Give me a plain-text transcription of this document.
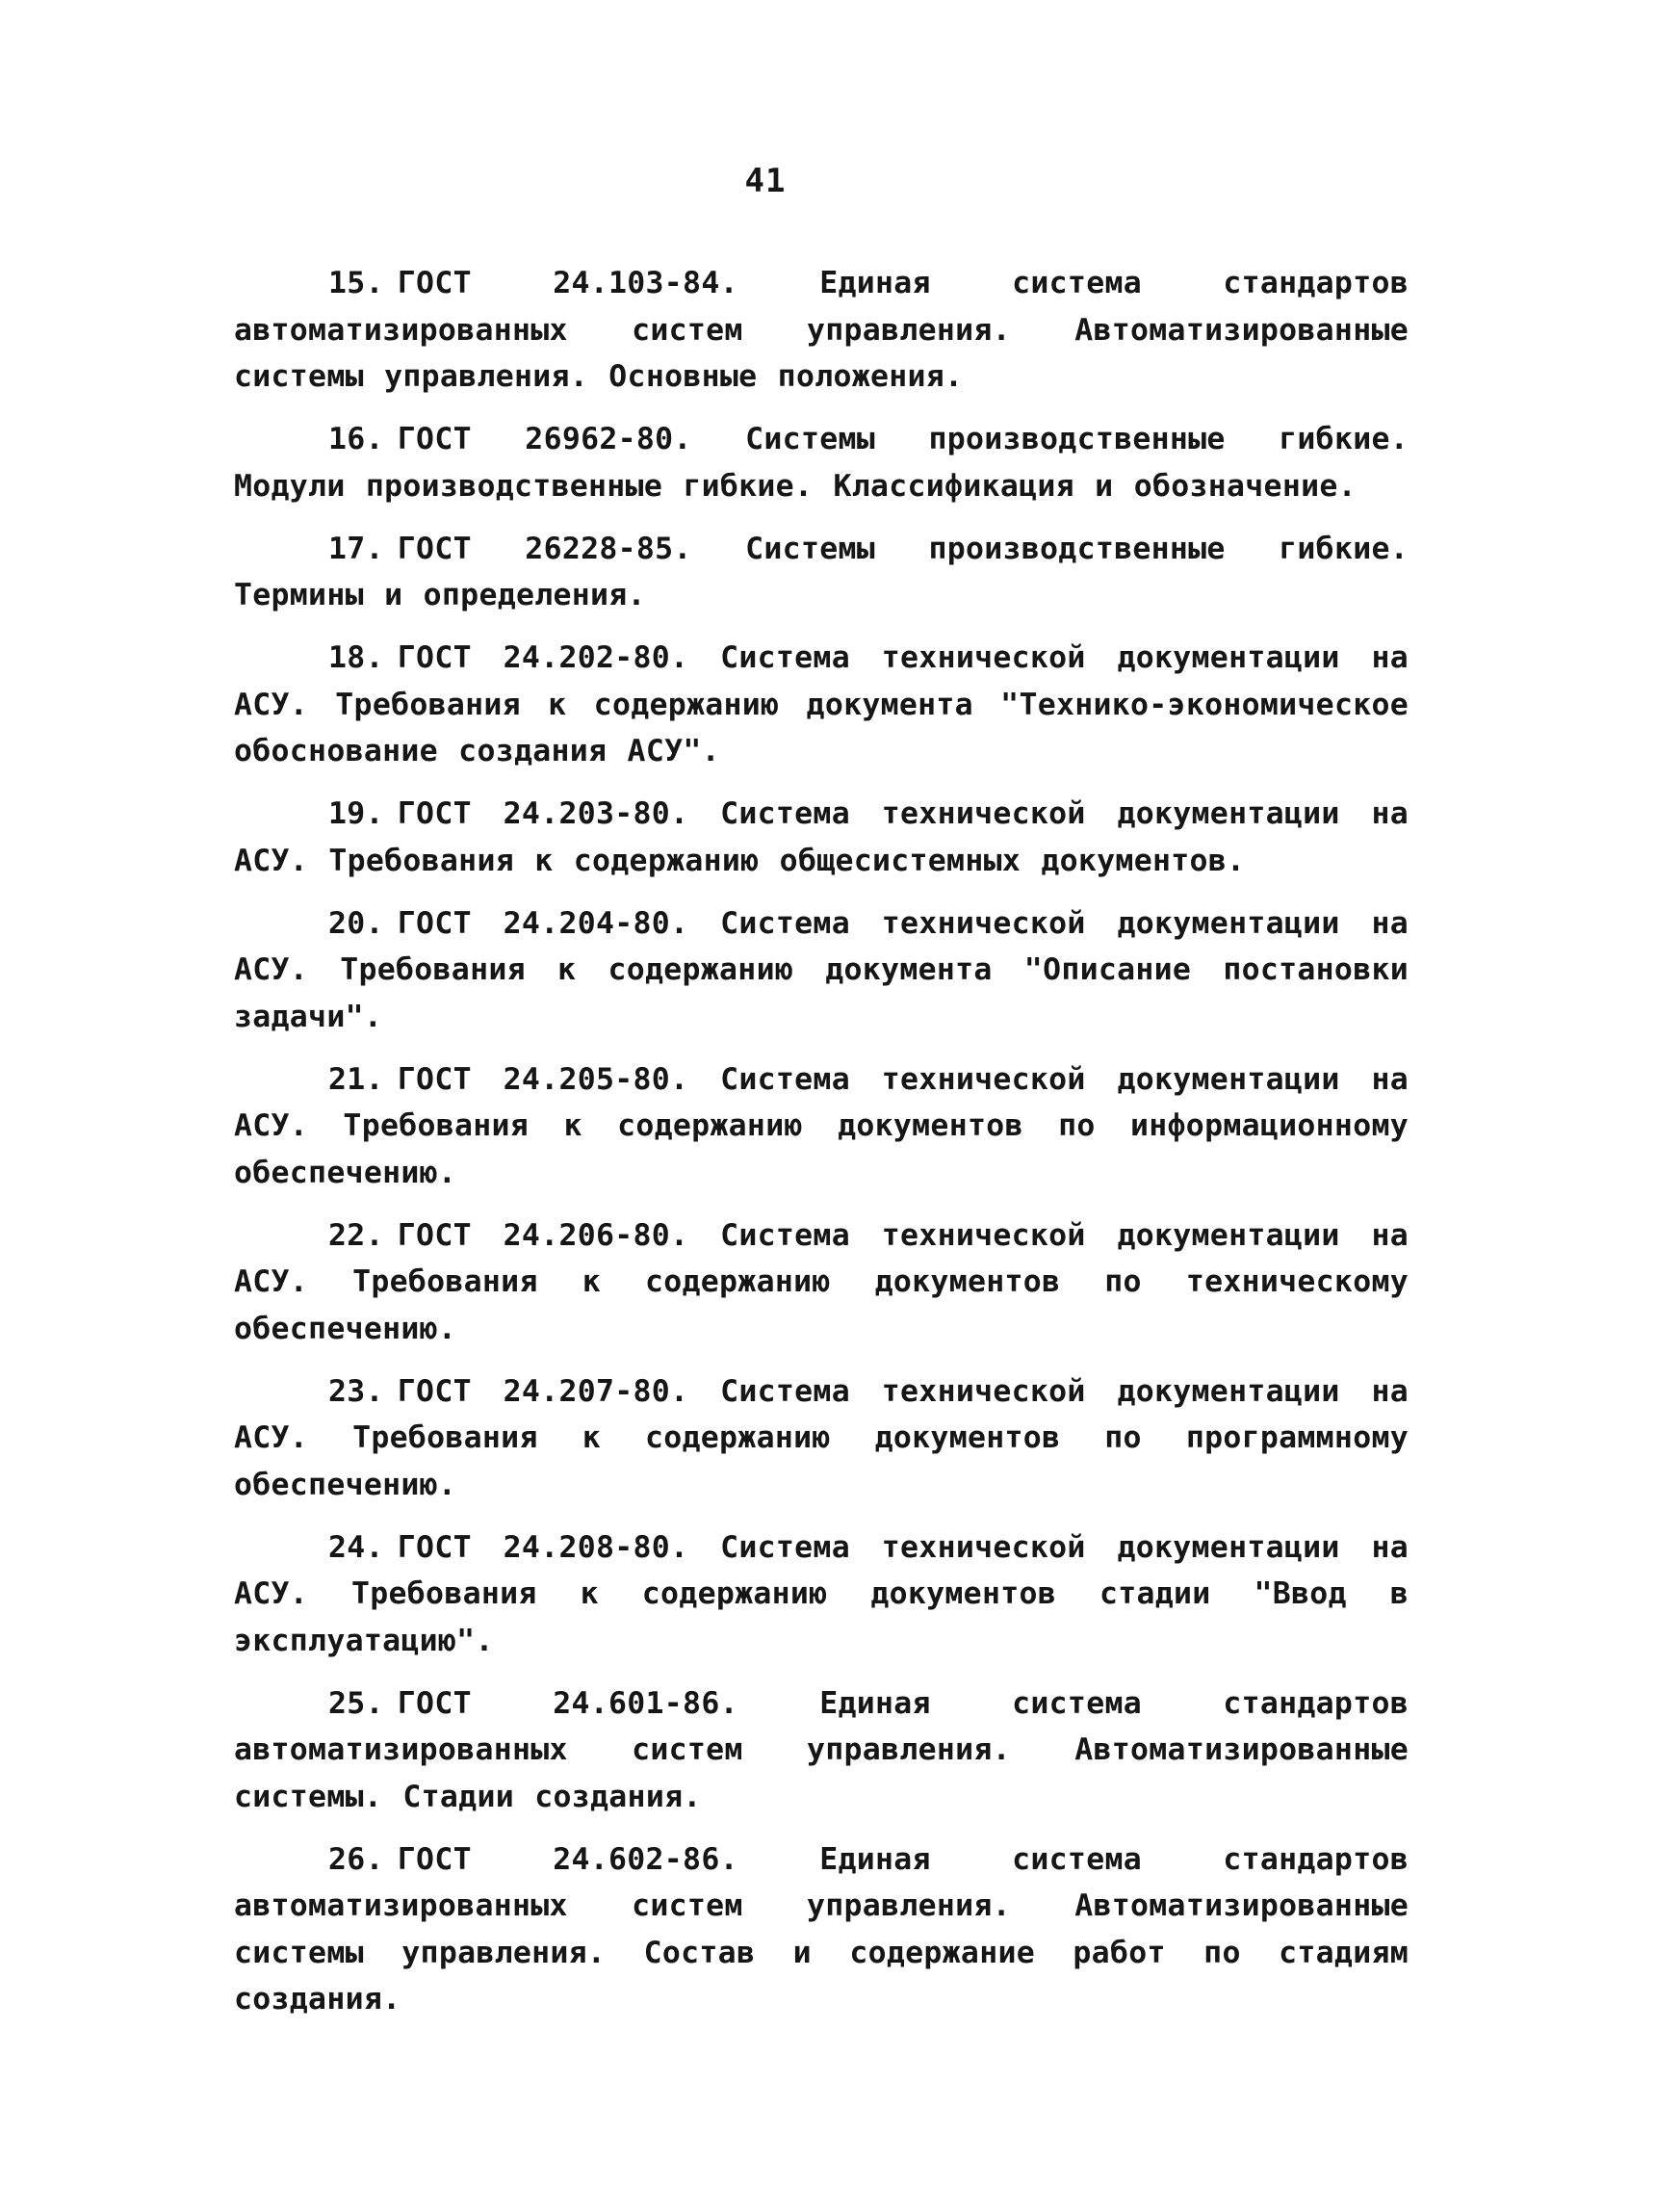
41

15. ГОСТ 24.103-84. Единая система стандартов автоматизированных систем управления. Автоматизированные системы управления. Основные положения.

16. ГОСТ 26962-80. Системы производственные гибкие. Модули производственные гибкие. Классификация и обозначение.

17. ГОСТ 26228-85. Системы производственные гибкие. Термины и определения.

18. ГОСТ 24.202-80. Система технической документации на АСУ. Требования к содержанию документа "Технико-экономическое обоснование создания АСУ".

19. ГОСТ 24.203-80. Система технической документации на АСУ. Требования к содержанию общесистемных документов.

20. ГОСТ 24.204-80. Система технической документации на АСУ. Требования к содержанию документа "Описание постановки задачи".

21. ГОСТ 24.205-80. Система технической документации на АСУ. Требования к содержанию документов по информационному обеспечению.

22. ГОСТ 24.206-80. Система технической документации на АСУ. Требования к содержанию документов по техническому обеспечению.

23. ГОСТ 24.207-80. Система технической документации на АСУ. Требования к содержанию документов по программному обеспечению.

24. ГОСТ 24.208-80. Система технической документации на АСУ. Требования к содержанию документов стадии "Ввод в эксплуатацию".

25. ГОСТ 24.601-86. Единая система стандартов автоматизированных систем управления. Автоматизированные системы. Стадии создания.

26. ГОСТ 24.602-86. Единая система стандартов автоматизированных систем управления. Автоматизированные системы управления. Состав и содержание работ по стадиям создания.
